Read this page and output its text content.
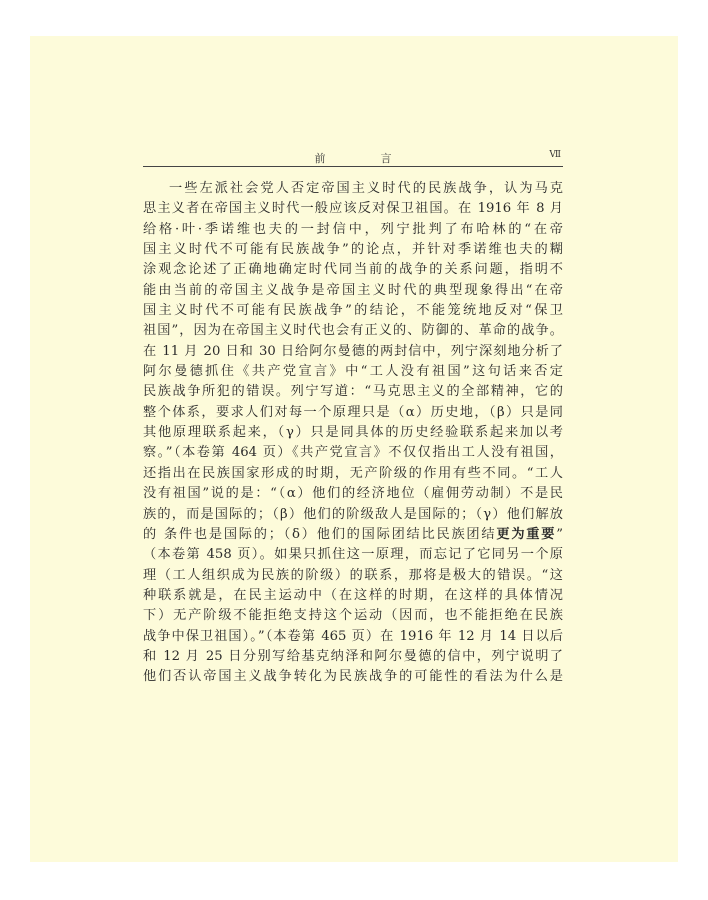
前　言	Ⅶ
一些左派社会党人否定帝国主义时代的民族战争，认为马克
思主义者在帝国主义时代一般应该反对保卫祖国。在 1916 年 8 月
给格·叶·季诺维也夫的一封信中，列宁批判了布哈林的“在帝
国主义时代不可能有民族战争”的论点，并针对季诺维也夫的糊
涂观念论述了正确地确定时代同当前的战争的关系问题，指明不
能由当前的帝国主义战争是帝国主义时代的典型现象得出“在帝
国主义时代不可能有民族战争”的结论，不能笼统地反对“保卫
祖国”，因为在帝国主义时代也会有正义的、防御的、革命的战争。
在 11 月 20 日和 30 日给阿尔曼德的两封信中，列宁深刻地分析了
阿尔曼德抓住《共产党宣言》中“工人没有祖国”这句话来否定
民族战争所犯的错误。列宁写道：“马克思主义的全部精神，它的
整个体系，要求人们对每一个原理只是（α）历史地，（β）只是同
其他原理联系起来，（γ）只是同具体的历史经验联系起来加以考
察。”（本卷第 464 页）《共产党宣言》不仅仅指出工人没有祖国，
还指出在民族国家形成的时期，无产阶级的作用有些不同。“工人
没有祖国”说的是：“（α）他们的经济地位（雇佣劳动制）不是民
族的，而是国际的；（β）他们的阶级敌人是国际的；（γ）他们解放
的 条件也是国际的；（δ）他们的国际团结比民族团结更为重要”
（本卷第 458 页）。如果只抓住这一原理，而忘记了它同另一个原
理（工人组织成为民族的阶级）的联系，那将是极大的错误。“这
种联系就是，在民主运动中（在这样的时期，在这样的具体情况
下）无产阶级不能拒绝支持这个运动（因而，也不能拒绝在民族
战争中保卫祖国）。”（本卷第 465 页）在 1916 年 12 月 14 日以后
和 12 月 25 日分别写给基克纳泽和阿尔曼德的信中，列宁说明了
他们否认帝国主义战争转化为民族战争的可能性的看法为什么是
